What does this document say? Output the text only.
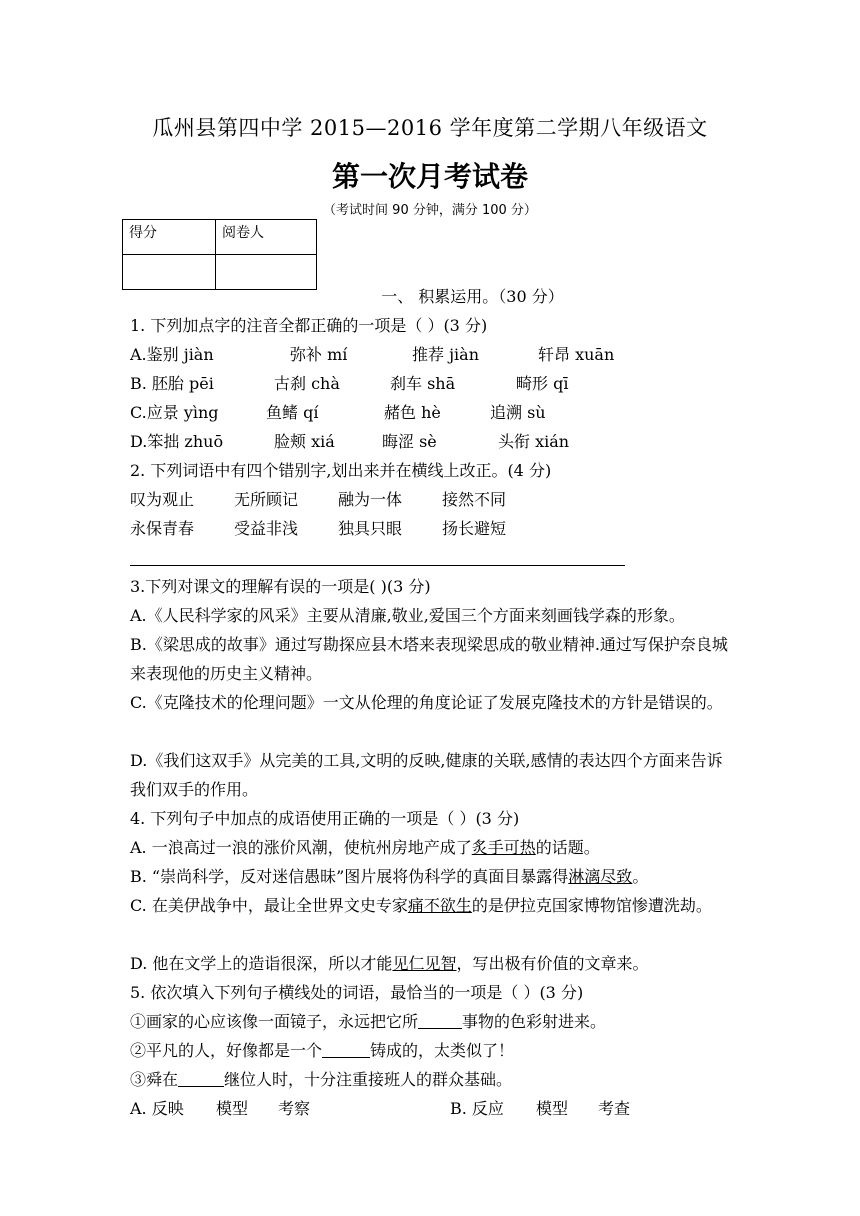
瓜州县第四中学 2015—2016 学年度第二学期八年级语文
第一次月考试卷
（考试时间 90 分钟，满分 100 分）
得分	阅卷人

一、 积累运用。（30 分）
1. 下列加点字的注音全都正确的一项是（ ）(3 分)
A.鉴别 jiàn	弥补 mí	推荐 jiàn	轩昂 xuān
B. 胚胎 pēi	古刹 chà	刹车 shā	畸形 qī
C.应景 yìng	鱼鳍 qí	赭色 hè	追溯 sù
D.笨拙 zhuō	脸颊 xiá	晦涩 sè	头衔 xián
2. 下列词语中有四个错别字,划出来并在横线上改正。(4 分)
叹为观止 无所顾记 融为一体 接然不同
永保青春 受益非浅 独具只眼 扬长避短
3.下列对课文的理解有误的一项是( )(3 分)
A.《人民科学家的风采》主要从清廉,敬业,爱国三个方面来刻画钱学森的形象。
B.《梁思成的故事》通过写勘探应县木塔来表现梁思成的敬业精神.通过写保护奈良城来表现他的历史主义精神。
C.《克隆技术的伦理问题》一文从伦理的角度论证了发展克隆技术的方针是错误的。
D.《我们这双手》从完美的工具,文明的反映,健康的关联,感情的表达四个方面来告诉我们双手的作用。
4. 下列句子中加点的成语使用正确的一项是（ ）(3 分)
A. 一浪高过一浪的涨价风潮，使杭州房地产成了炙手可热的话题。
B. “崇尚科学，反对迷信愚昧”图片展将伪科学的真面目暴露得淋漓尽致。
C. 在美伊战争中，最让全世界文史专家痛不欲生的是伊拉克国家博物馆惨遭洗劫。
D. 他在文学上的造诣很深，所以才能见仁见智，写出极有价值的文章来。
5. 依次填入下列句子横线处的词语，最恰当的一项是（ ）(3 分)
①画家的心应该像一面镜子，永远把它所	事物的色彩射进来。
②平凡的人，好像都是一个	铸成的，太类似了！
③舜在	继位人时，十分注重接班人的群众基础。
A. 反映 模型 考察	B. 反应 模型 考查
